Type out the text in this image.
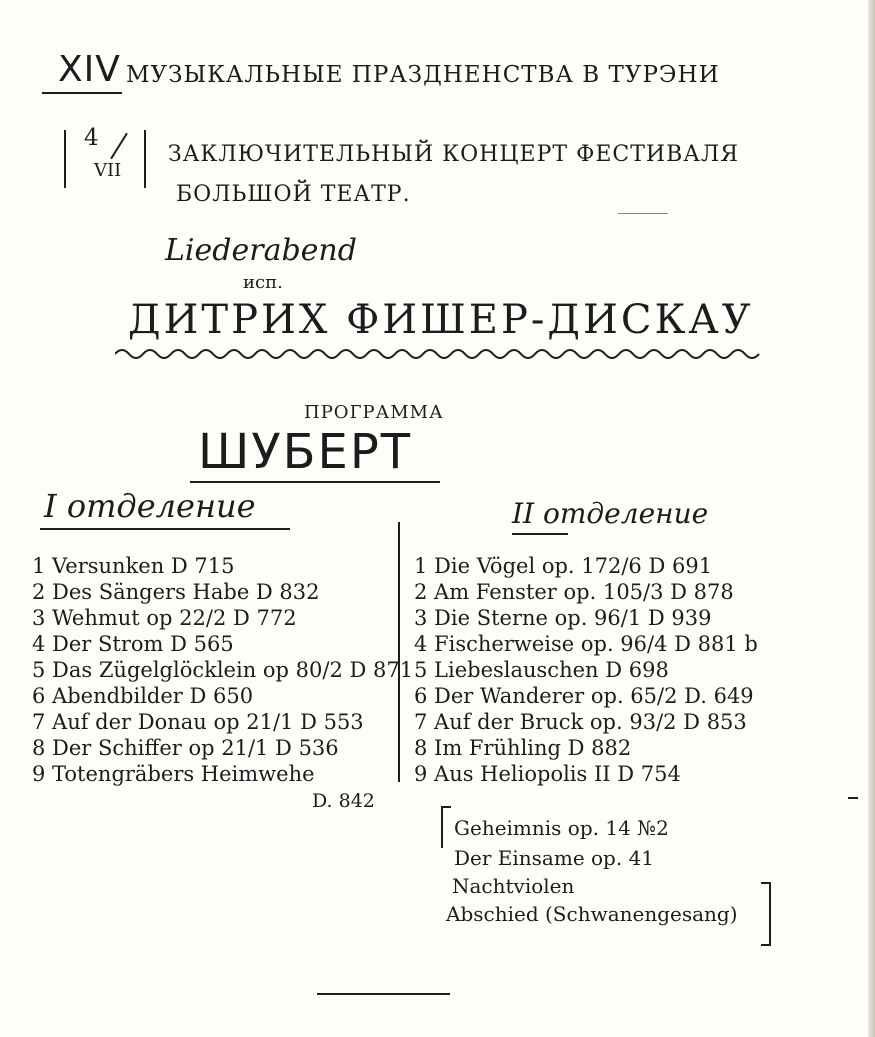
XIV МУЗЫКАЛЬНЫЕ ПРАЗДНЕНСТВА В ТУРЭНИ
4
VII
ЗАКЛЮЧИТЕЛЬНЫЙ КОНЦЕРТ ФЕСТИВАЛЯ
БОЛЬШОЙ ТЕАТР.
Liederabend
исп.
ДИТРИХ ФИШЕР-ДИСКАУ
ПРОГРАММА
ШУБЕРТ
I отделение	II отделение
1 Versunken D 715
2 Des Sängers Habe D 832
3 Wehmut op 22/2 D 772
4 Der Strom D 565
5 Das Zügelglöcklein op 80/2 D 871
6 Abendbilder D 650
7 Auf der Donau op 21/1 D 553
8 Der Schiffer op 21/1 D 536
9 Totengräbers Heimwehe
D. 842
1 Die Vögel op. 172/6 D 691
2 Am Fenster op. 105/3 D 878
3 Die Sterne op. 96/1 D 939
4 Fischerweise op. 96/4 D 881 b
5 Liebeslauschen D 698
6 Der Wanderer op. 65/2 D. 649
7 Auf der Bruck op. 93/2 D 853
8 Im Frühling D 882
9 Aus Heliopolis II D 754
Geheimnis op. 14 №2
Der Einsame op. 41
Nachtviolen
Abschied (Schwanengesang)
